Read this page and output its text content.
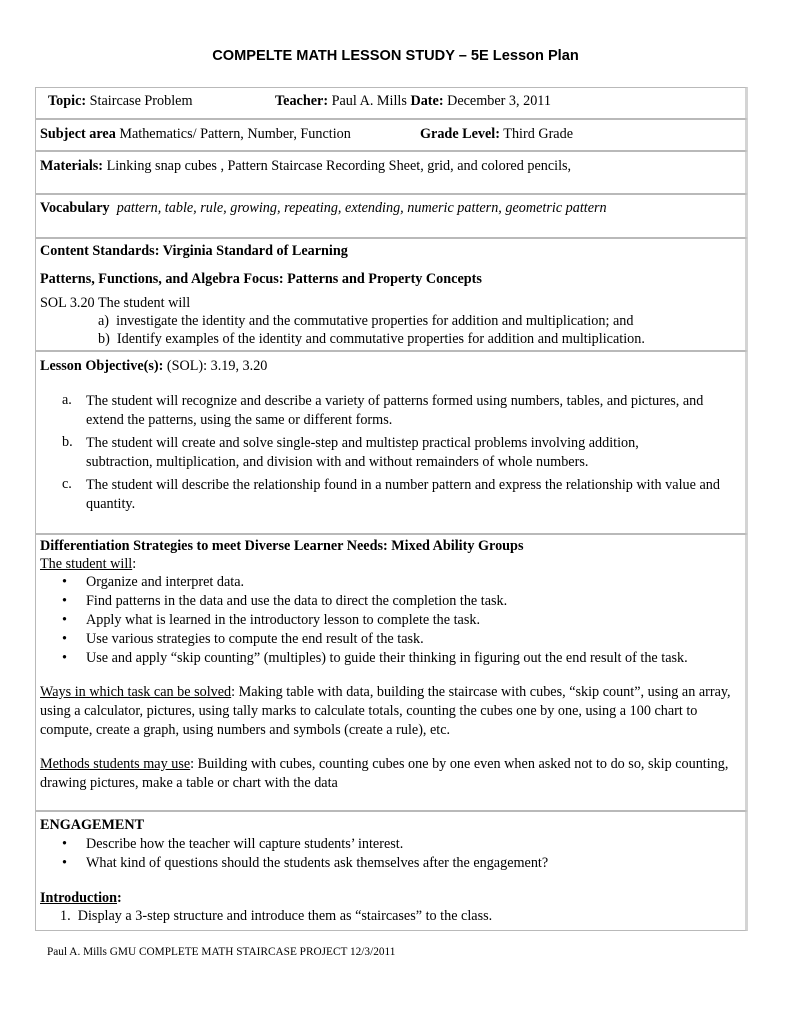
COMPELTE MATH LESSON STUDY – 5E Lesson Plan
Topic: Staircase Problem	Teacher: Paul A. Mills Date: December 3, 2011
Subject area Mathematics/ Pattern, Number, Function	Grade Level: Third Grade
Materials: Linking snap cubes , Pattern Staircase Recording Sheet, grid, and colored pencils,
Vocabulary pattern, table, rule, growing, repeating, extending, numeric pattern, geometric pattern
Content Standards: Virginia Standard of Learning
Patterns, Functions, and Algebra Focus: Patterns and Property Concepts
SOL 3.20 The student will
a) investigate the identity and the commutative properties for addition and multiplication; and
b) Identify examples of the identity and commutative properties for addition and multiplication.
Lesson Objective(s): (SOL): 3.19, 3.20
a. The student will recognize and describe a variety of patterns formed using numbers, tables, and pictures, and extend the patterns, using the same or different forms.
b. The student will create and solve single-step and multistep practical problems involving addition, subtraction, multiplication, and division with and without remainders of whole numbers.
c. The student will describe the relationship found in a number pattern and express the relationship with value and quantity.
Differentiation Strategies to meet Diverse Learner Needs: Mixed Ability Groups
The student will:
• Organize and interpret data.
• Find patterns in the data and use the data to direct the completion the task.
• Apply what is learned in the introductory lesson to complete the task.
• Use various strategies to compute the end result of the task.
• Use and apply “skip counting” (multiples) to guide their thinking in figuring out the end result of the task.
Ways in which task can be solved: Making table with data, building the staircase with cubes, “skip count”, using an array, using a calculator, pictures, using tally marks to calculate totals, counting the cubes one by one, using a 100 chart to compute, create a graph, using numbers and symbols (create a rule), etc.
Methods students may use: Building with cubes, counting cubes one by one even when asked not to do so, skip counting, drawing pictures, make a table or chart with the data
ENGAGEMENT
• Describe how the teacher will capture students’ interest.
• What kind of questions should the students ask themselves after the engagement?
Introduction:
1. Display a 3-step structure and introduce them as “staircases” to the class.
Paul A. Mills GMU COMPLETE MATH STAIRCASE PROJECT 12/3/2011
